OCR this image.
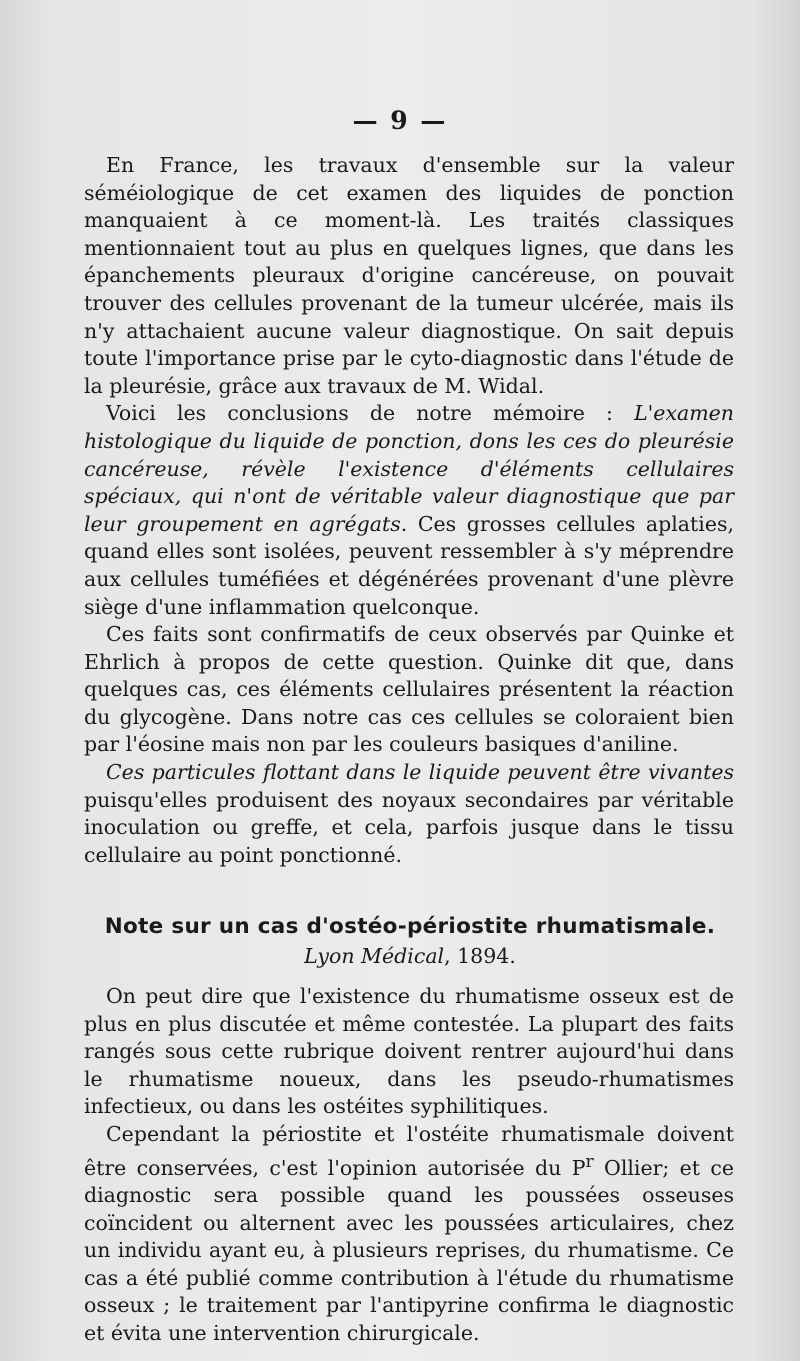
— 9 —

En France, les travaux d'ensemble sur la valeur séméiologique de cet examen des liquides de ponction manquaient à ce moment-là. Les traités classiques mentionnaient tout au plus en quelques lignes, que dans les épanchements pleuraux d'origine cancéreuse, on pouvait trouver des cellules provenant de la tumeur ulcérée, mais ils n'y attachaient aucune valeur diagnostique. On sait depuis toute l'importance prise par le cyto-diagnostic dans l'étude de la pleurésie, grâce aux travaux de M. Widal.

Voici les conclusions de notre mémoire : L'examen histologique du liquide de ponction, dons les ces do pleurésie cancéreuse, révèle l'existence d'éléments cellulaires spéciaux, qui n'ont de véritable valeur diagnostique que par leur groupement en agrégats. Ces grosses cellules aplaties, quand elles sont isolées, peuvent ressembler à s'y méprendre aux cellules tuméfiées et dégénérées provenant d'une plèvre siège d'une inflammation quelconque.

Ces faits sont confirmatifs de ceux observés par Quinke et Ehrlich à propos de cette question. Quinke dit que, dans quelques cas, ces éléments cellulaires présentent la réaction du glycogène. Dans notre cas ces cellules se coloraient bien par l'éosine mais non par les couleurs basiques d'aniline.

Ces particules flottant dans le liquide peuvent être vivantes puisqu'elles produisent des noyaux secondaires par véritable inoculation ou greffe, et cela, parfois jusque dans le tissu cellulaire au point ponctionné.

Note sur un cas d'ostéo-périostite rhumatismale.
Lyon Médical, 1894.

On peut dire que l'existence du rhumatisme osseux est de plus en plus discutée et même contestée. La plupart des faits rangés sous cette rubrique doivent rentrer aujourd'hui dans le rhumatisme noueux, dans les pseudo-rhumatismes infectieux, ou dans les ostéites syphilitiques.

Cependant la périostite et l'ostéite rhumatismale doivent être conservées, c'est l'opinion autorisée du $P^r$ Ollier; et ce diagnostic sera possible quand les poussées osseuses coïncident ou alternent avec les poussées articulaires, chez un individu ayant eu, à plusieurs reprises, du rhumatisme. Ce cas a été publié comme contribution à l'étude du rhumatisme osseux ; le traitement par l'antipyrine confirma le diagnostic et évita une intervention chirurgicale.
